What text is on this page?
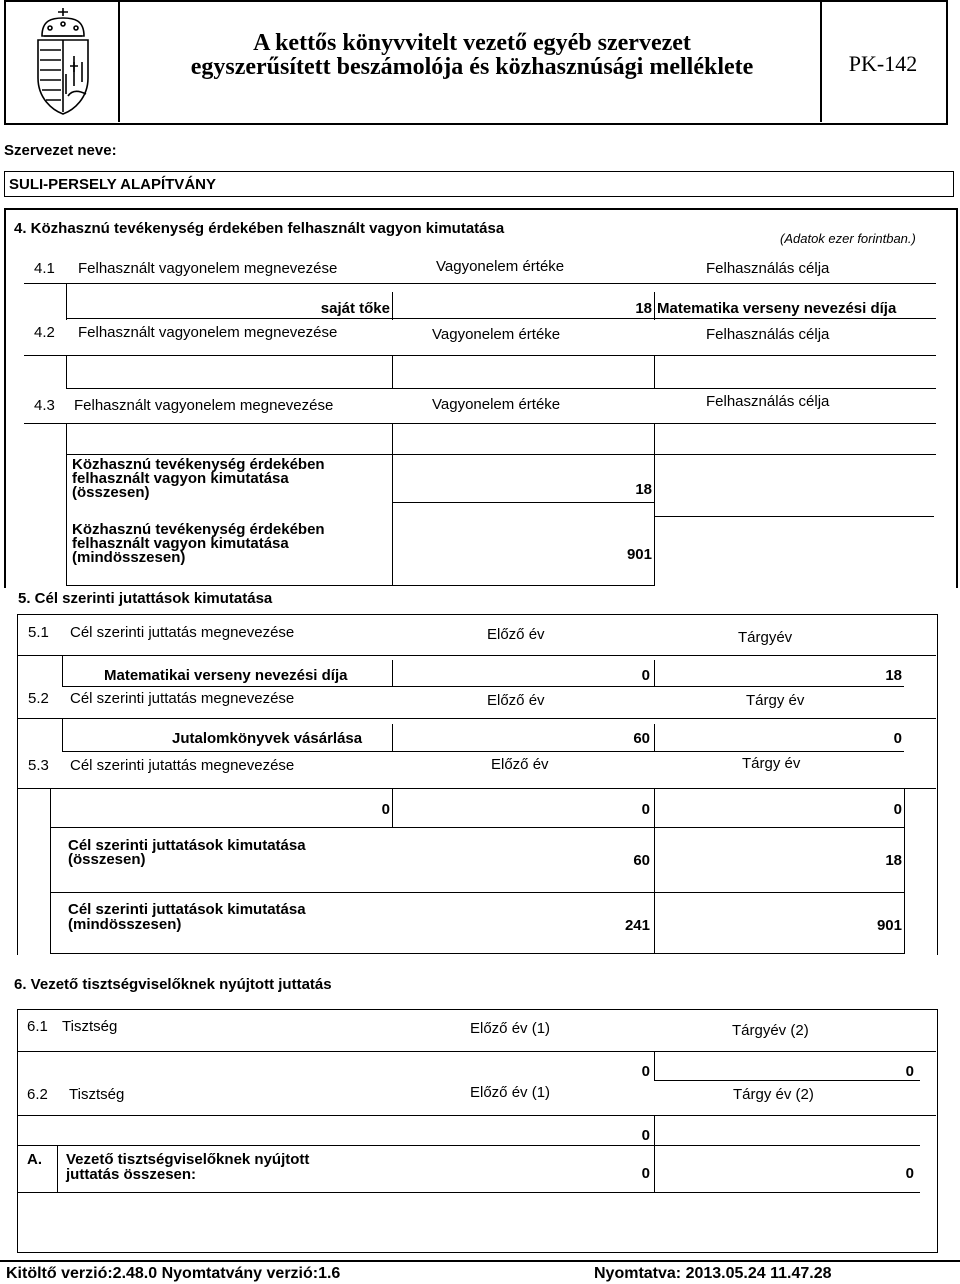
A kettős könyvvitelt vezető egyéb szervezet
egyszerűsített beszámolója és közhasznúsági melléklete	PK-142
Szervezet neve:
SULI-PERSELY ALAPÍTVÁNY
4. Közhasznú tevékenység érdekében felhasznált vagyon kimutatása
(Adatok ezer forintban.)
4.1 Felhasznált vagyonelem megnevezése	Vagyonelem értéke	Felhasználás célja
saját tőke	18 Matematika verseny nevezési díja
4.2 Felhasznált vagyonelem megnevezése	Vagyonelem értéke	Felhasználás célja
4.3 Felhasznált vagyonelem megnevezése	Vagyonelem értéke	Felhasználás célja
Közhasznú tevékenység érdekében
felhasznált vagyon kimutatása
(összesen)	18
Közhasznú tevékenység érdekében
felhasznált vagyon kimutatása
(mindösszesen)	901
5. Cél szerinti jutattások kimutatása
5.1 Cél szerinti juttatás megnevezése	Előző év	Tárgyév
Matematikai verseny nevezési díja	0	18
5.2 Cél szerinti juttatás megnevezése	Előző év	Tárgy év
Jutalomkönyvek vásárlása	60	0
5.3 Cél szerinti jutattás megnevezése	Előző év	Tárgy év
0	0	0
Cél szerinti juttatások kimutatása
(összesen)	60	18
Cél szerinti juttatások kimutatása
(mindösszesen)	241	901
6. Vezető tisztségviselőknek nyújtott juttatás
6.1 Tisztség	Előző év (1)	Tárgyév (2)
0	0
6.2 Tisztség	Előző év (1)	Tárgy év (2)
0
A. Vezető tisztségviselőknek nyújtott
juttatás összesen:	0	0
Kitöltő verzió:2.48.0 Nyomtatvány verzió:1.6	Nyomtatva: 2013.05.24 11.47.28
